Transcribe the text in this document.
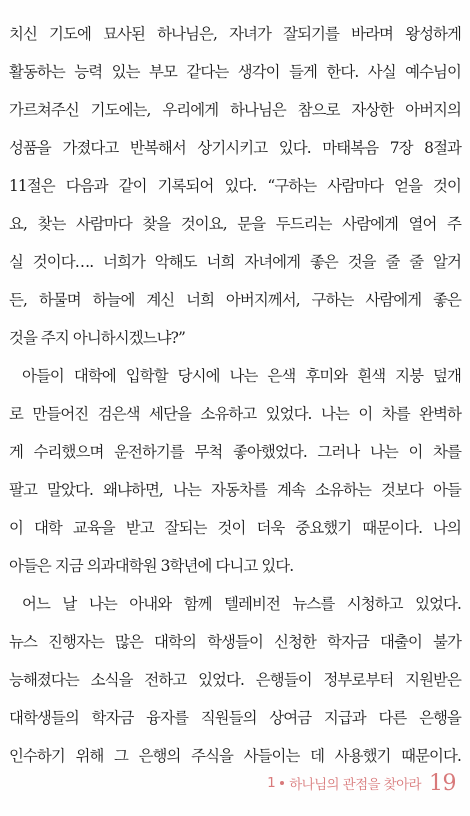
치신 기도에 묘사된 하나님은, 자녀가 잘되기를 바라며 왕성하게
활동하는 능력 있는 부모 같다는 생각이 들게 한다. 사실 예수님이
가르쳐주신 기도에는, 우리에게 하나님은 참으로 자상한 아버지의
성품을 가졌다고 반복해서 상기시키고 있다. 마태복음 7장 8절과
11절은 다음과 같이 기록되어 있다. “구하는 사람마다 얻을 것이
요, 찾는 사람마다 찾을 것이요, 문을 두드리는 사람에게 열어 주
실 것이다…. 너희가 악해도 너희 자녀에게 좋은 것을 줄 줄 알거
든, 하물며 하늘에 계신 너희 아버지께서, 구하는 사람에게 좋은
것을 주지 아니하시겠느냐?”
아들이 대학에 입학할 당시에 나는 은색 후미와 흰색 지붕 덮개
로 만들어진 검은색 세단을 소유하고 있었다. 나는 이 차를 완벽하
게 수리했으며 운전하기를 무척 좋아했었다. 그러나 나는 이 차를
팔고 말았다. 왜냐하면, 나는 자동차를 계속 소유하는 것보다 아들
이 대학 교육을 받고 잘되는 것이 더욱 중요했기 때문이다. 나의
아들은 지금 의과대학원 3학년에 다니고 있다.
어느 날 나는 아내와 함께 텔레비전 뉴스를 시청하고 있었다.
뉴스 진행자는 많은 대학의 학생들이 신청한 학자금 대출이 불가
능해졌다는 소식을 전하고 있었다. 은행들이 정부로부터 지원받은
대학생들의 학자금 융자를 직원들의 상여금 지급과 다른 은행을
인수하기 위해 그 은행의 주식을 사들이는 데 사용했기 때문이다.
1 하나님의 관점을 찾아라 19
